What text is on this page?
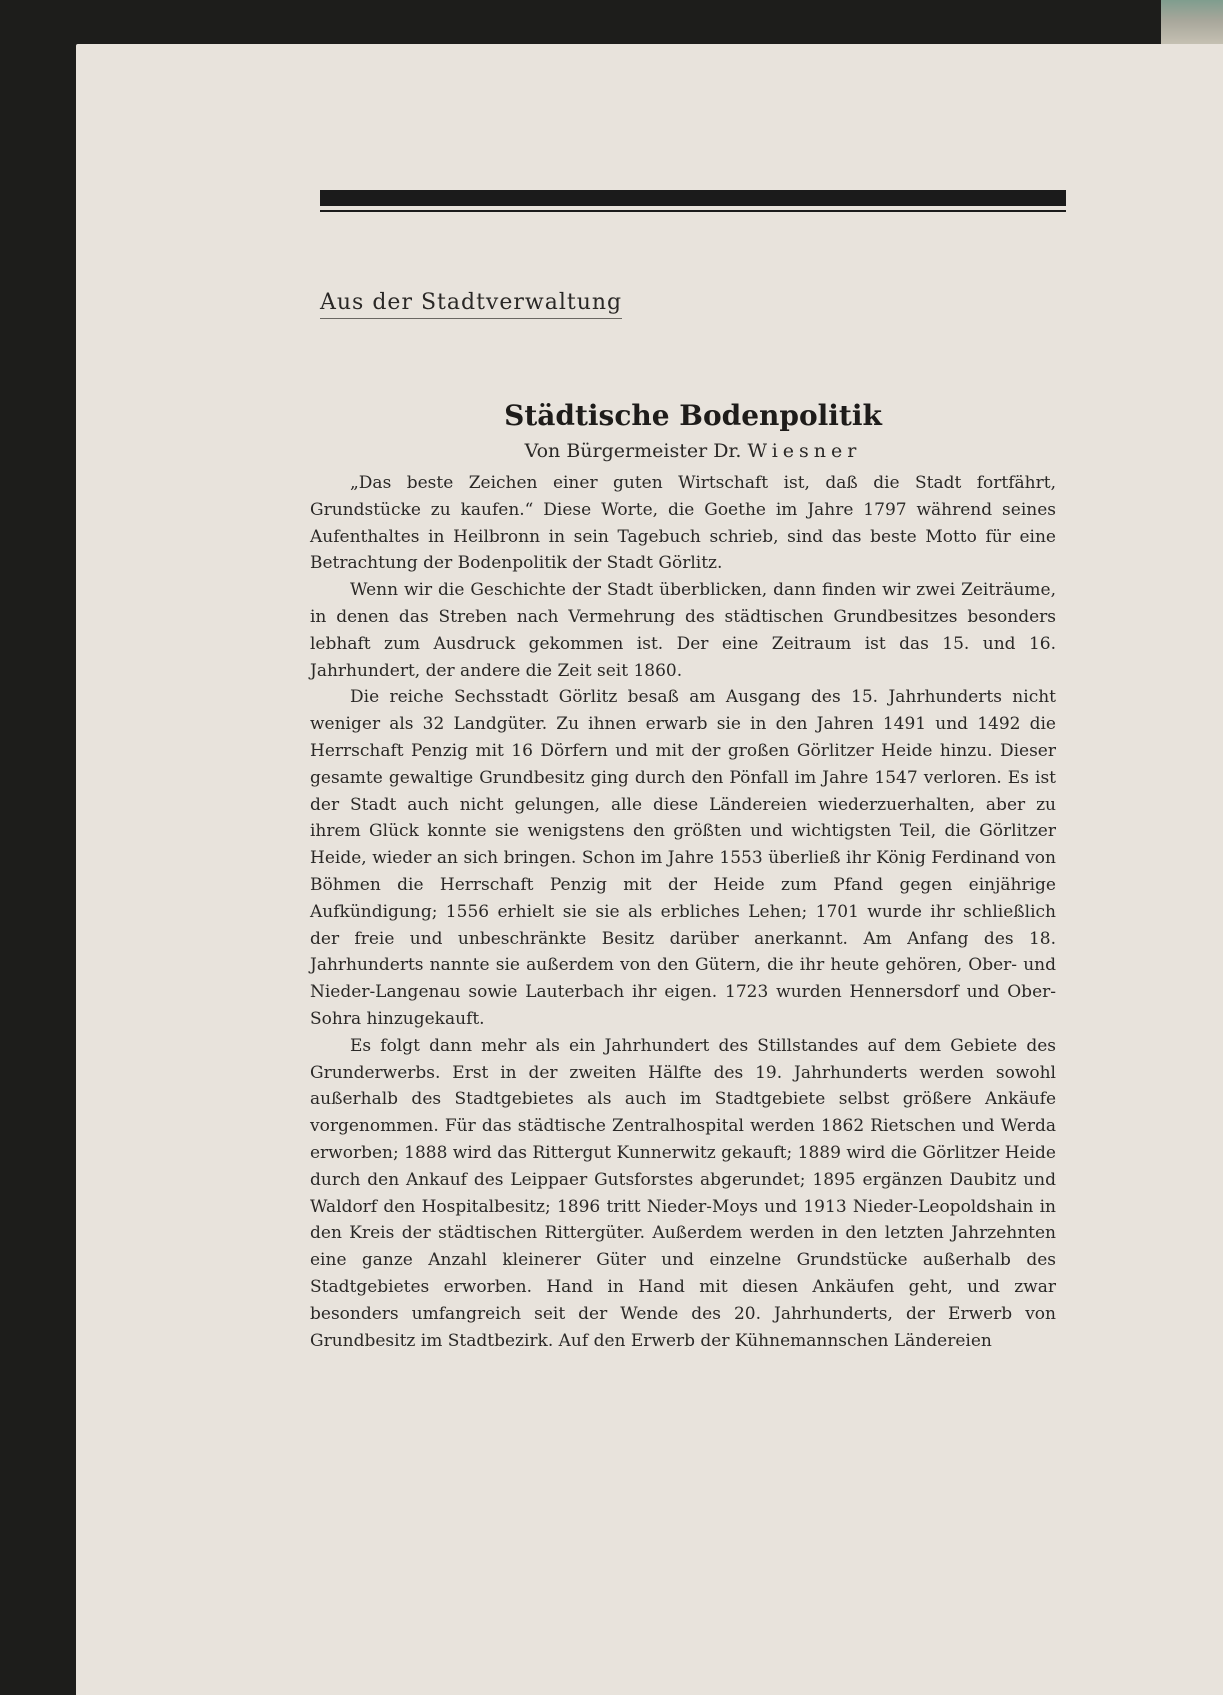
Aus der Stadtverwaltung
Städtische Bodenpolitik
Von Bürgermeister Dr. Wiesner

„Das beste Zeichen einer guten Wirtschaft ist, daß die Stadt fortfährt, Grundstücke zu kaufen.“ Diese Worte, die Goethe im Jahre 1797 während seines Aufenthaltes in Heilbronn in sein Tagebuch schrieb, sind das beste Motto für eine Betrachtung der Bodenpolitik der Stadt Görlitz.

Wenn wir die Geschichte der Stadt überblicken, dann finden wir zwei Zeiträume, in denen das Streben nach Vermehrung des städtischen Grundbesitzes besonders lebhaft zum Ausdruck gekommen ist. Der eine Zeitraum ist das 15. und 16. Jahrhundert, der andere die Zeit seit 1860.

Die reiche Sechsstadt Görlitz besaß am Ausgang des 15. Jahrhunderts nicht weniger als 32 Landgüter. Zu ihnen erwarb sie in den Jahren 1491 und 1492 die Herrschaft Penzig mit 16 Dörfern und mit der großen Görlitzer Heide hinzu. Dieser gesamte gewaltige Grundbesitz ging durch den Pönfall im Jahre 1547 verloren. Es ist der Stadt auch nicht gelungen, alle diese Ländereien wiederzuerhalten, aber zu ihrem Glück konnte sie wenigstens den größten und wichtigsten Teil, die Görlitzer Heide, wieder an sich bringen. Schon im Jahre 1553 überließ ihr König Ferdinand von Böhmen die Herrschaft Penzig mit der Heide zum Pfand gegen einjährige Aufkündigung; 1556 erhielt sie sie als erbliches Lehen; 1701 wurde ihr schließlich der freie und unbeschränkte Besitz darüber anerkannt. Am Anfang des 18. Jahrhunderts nannte sie außerdem von den Gütern, die ihr heute gehören, Ober- und Nieder-Langenau sowie Lauterbach ihr eigen. 1723 wurden Hennersdorf und Ober-Sohra hinzugekauft.

Es folgt dann mehr als ein Jahrhundert des Stillstandes auf dem Gebiete des Grunderwerbs. Erst in der zweiten Hälfte des 19. Jahrhunderts werden sowohl außerhalb des Stadtgebietes als auch im Stadtgebiete selbst größere Ankäufe vorgenommen. Für das städtische Zentralhospital werden 1862 Rietschen und Werda erworben; 1888 wird das Rittergut Kunnerwitz gekauft; 1889 wird die Görlitzer Heide durch den Ankauf des Leippaer Gutsforstes abgerundet; 1895 ergänzen Daubitz und Waldorf den Hospitalbesitz; 1896 tritt Nieder-Moys und 1913 Nieder-Leopoldshain in den Kreis der städtischen Rittergüter. Außerdem werden in den letzten Jahrzehnten eine ganze Anzahl kleinerer Güter und einzelne Grundstücke außerhalb des Stadtgebietes erworben. Hand in Hand mit diesen Ankäufen geht, und zwar besonders umfangreich seit der Wende des 20. Jahrhunderts, der Erwerb von Grundbesitz im Stadtbezirk. Auf den Erwerb der Kühnemannschen Ländereien
